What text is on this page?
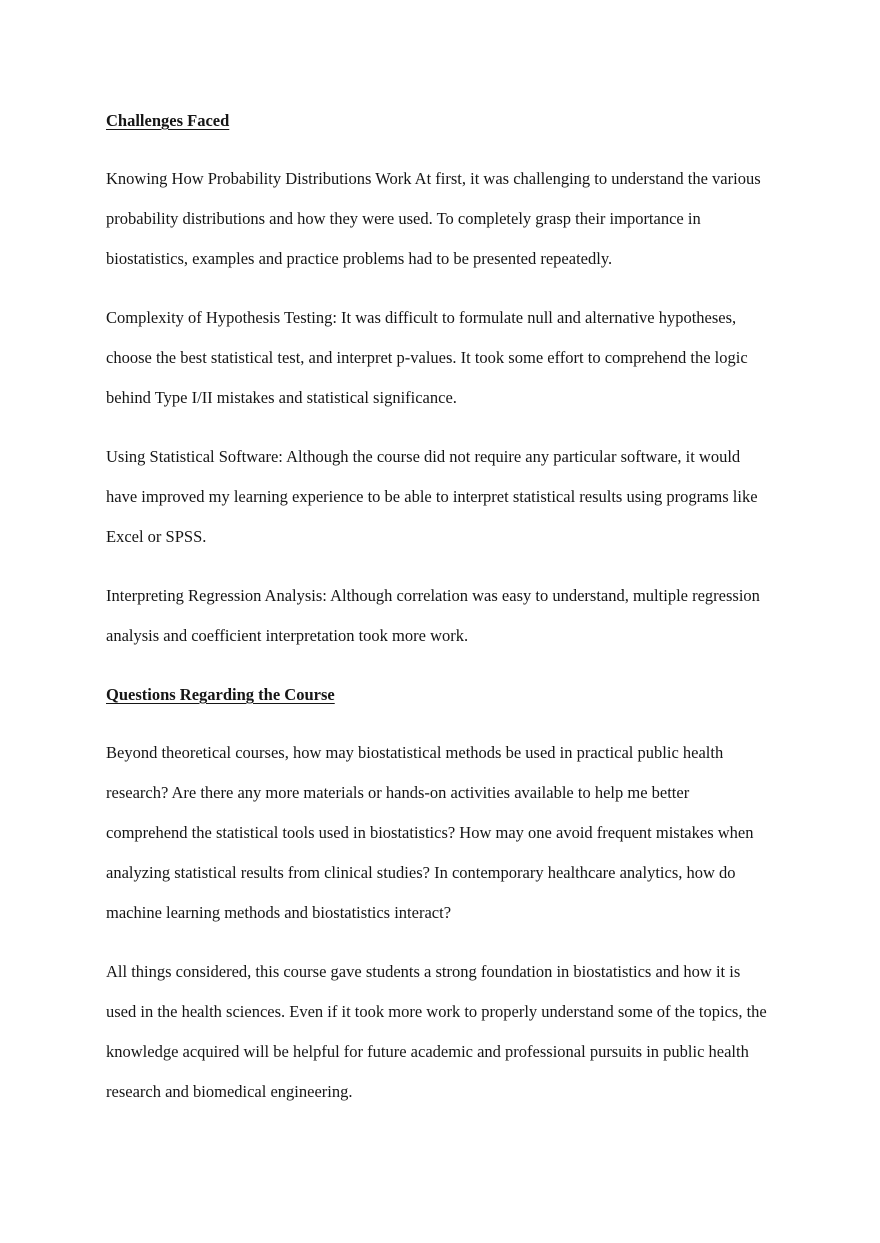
Challenges Faced

Knowing How Probability Distributions Work At first, it was challenging to understand the various probability distributions and how they were used. To completely grasp their importance in biostatistics, examples and practice problems had to be presented repeatedly.

Complexity of Hypothesis Testing: It was difficult to formulate null and alternative hypotheses, choose the best statistical test, and interpret p-values. It took some effort to comprehend the logic behind Type I/II mistakes and statistical significance.

Using Statistical Software: Although the course did not require any particular software, it would have improved my learning experience to be able to interpret statistical results using programs like Excel or SPSS.

Interpreting Regression Analysis: Although correlation was easy to understand, multiple regression analysis and coefficient interpretation took more work.

Questions Regarding the Course

Beyond theoretical courses, how may biostatistical methods be used in practical public health research? Are there any more materials or hands-on activities available to help me better comprehend the statistical tools used in biostatistics? How may one avoid frequent mistakes when analyzing statistical results from clinical studies? In contemporary healthcare analytics, how do machine learning methods and biostatistics interact?

All things considered, this course gave students a strong foundation in biostatistics and how it is used in the health sciences. Even if it took more work to properly understand some of the topics, the knowledge acquired will be helpful for future academic and professional pursuits in public health research and biomedical engineering.
